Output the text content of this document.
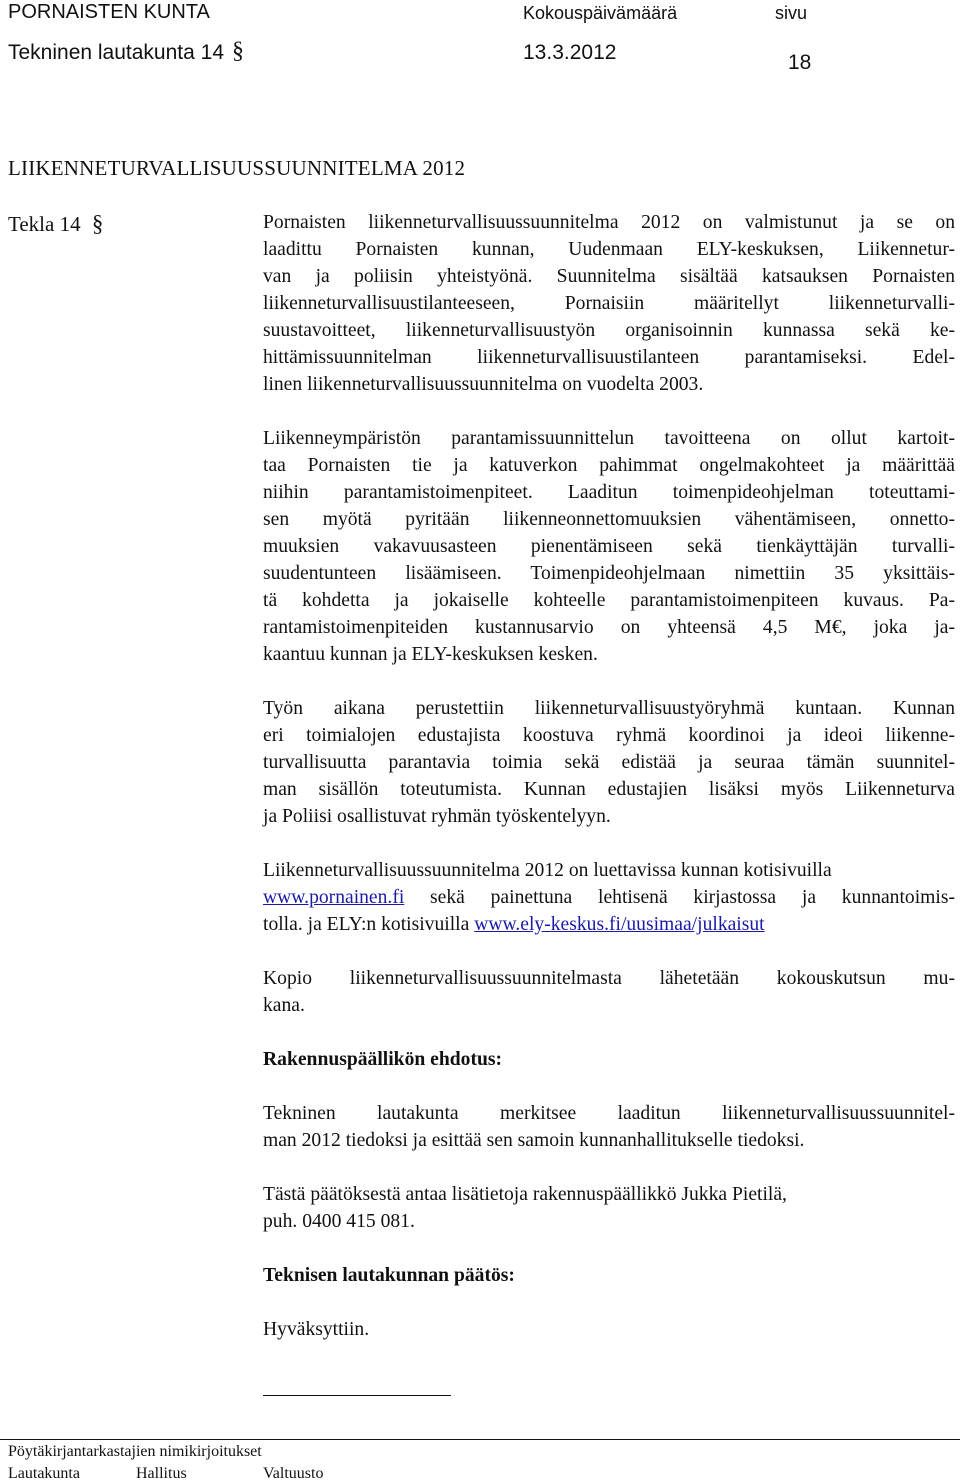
PORNAISTEN KUNTA	Kokouspäivämäärä	sivu
Tekninen lautakunta 14 §	13.3.2012	18
LIIKENNETURVALLISUUSSUUNNITELMA 2012
Tekla 14 §	Pornaisten liikenneturvallisuussuunnitelma 2012 on valmistunut ja se on
laadittu Pornaisten kunnan, Uudenmaan ELY-keskuksen, Liikennetur-
van ja poliisin yhteistyönä. Suunnitelma sisältää katsauksen Pornaisten
liikenneturvallisuustilanteeseen, Pornaisiin määritellyt liikenneturvalli-
suustavoitteet, liikenneturvallisuustyön organisoinnin kunnassa sekä ke-
hittämissuunnitelman liikenneturvallisuustilanteen parantamiseksi. Edel-
linen liikenneturvallisuussuunnitelma on vuodelta 2003.
Liikenneympäristön parantamissuunnittelun tavoitteena on ollut kartoit-
taa Pornaisten tie ja katuverkon pahimmat ongelmakohteet ja määrittää
niihin parantamistoimenpiteet. Laaditun toimenpideohjelman toteuttami-
sen myötä pyritään liikenneonnettomuuksien vähentämiseen, onnetto-
muuksien vakavuusasteen pienentämiseen sekä tienkäyttäjän turvalli-
suudentunteen lisäämiseen. Toimenpideohjelmaan nimettiin 35 yksittäis-
tä kohdetta ja jokaiselle kohteelle parantamistoimenpiteen kuvaus. Pa-
rantamistoimenpiteiden kustannusarvio on yhteensä 4,5 M€, joka ja-
kaantuu kunnan ja ELY-keskuksen kesken.
Työn aikana perustettiin liikenneturvallisuustyöryhmä kuntaan. Kunnan
eri toimialojen edustajista koostuva ryhmä koordinoi ja ideoi liikenne-
turvallisuutta parantavia toimia sekä edistää ja seuraa tämän suunnitel-
man sisällön toteutumista. Kunnan edustajien lisäksi myös Liikenneturva
ja Poliisi osallistuvat ryhmän työskentelyyn.
Liikenneturvallisuussuunnitelma 2012 on luettavissa kunnan kotisivuilla
www.pornainen.fi sekä painettuna lehtisenä kirjastossa ja kunnantoimis-
tolla. ja ELY:n kotisivuilla www.ely-keskus.fi/uusimaa/julkaisut
Kopio liikenneturvallisuussuunnitelmasta lähetetään kokouskutsun mu-
kana.
Rakennuspäällikön ehdotus:
Tekninen lautakunta merkitsee laaditun liikenneturvallisuussuunnitel-
man 2012 tiedoksi ja esittää sen samoin kunnanhallitukselle tiedoksi.
Tästä päätöksestä antaa lisätietoja rakennuspäällikkö Jukka Pietilä,
puh. 0400 415 081.
Teknisen lautakunnan päätös:
Hyväksyttiin.
Pöytäkirjantarkastajien nimikirjoitukset
Lautakunta	Hallitus	Valtuusto
